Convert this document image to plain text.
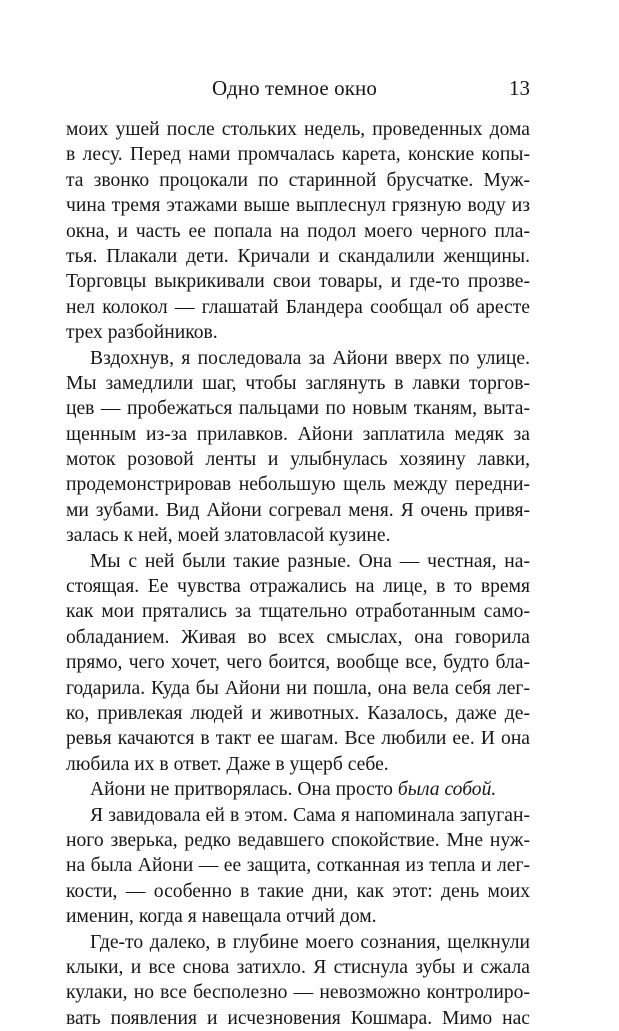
Одно темное окно	13
моих ушей после стольких недель, проведенных дома
в лесу. Перед нами промчалась карета, конские копы-
та звонко процокали по старинной брусчатке. Муж-
чина тремя этажами выше выплеснул грязную воду из
окна, и часть ее попала на подол моего черного пла-
тья. Плакали дети. Кричали и скандалили женщины.
Торговцы выкрикивали свои товары, и где-то прозве-
нел колокол — глашатай Бландера сообщал об аресте
трех разбойников.
Вздохнув, я последовала за Айони вверх по улице.
Мы замедлили шаг, чтобы заглянуть в лавки торгов-
цев — пробежаться пальцами по новым тканям, выта-
щенным из-за прилавков. Айони заплатила медяк за
моток розовой ленты и улыбнулась хозяину лавки,
продемонстрировав небольшую щель между передни-
ми зубами. Вид Айони согревал меня. Я очень привя-
залась к ней, моей златовласой кузине.
Мы с ней были такие разные. Она — честная, на-
стоящая. Ее чувства отражались на лице, в то время
как мои прятались за тщательно отработанным само-
обладанием. Живая во всех смыслах, она говорила
прямо, чего хочет, чего боится, вообще все, будто бла-
годарила. Куда бы Айони ни пошла, она вела себя лег-
ко, привлекая людей и животных. Казалось, даже де-
ревья качаются в такт ее шагам. Все любили ее. И она
любила их в ответ. Даже в ущерб себе.
Айони не притворялась. Она просто была собой.
Я завидовала ей в этом. Сама я напоминала запуган-
ного зверька, редко ведавшего спокойствие. Мне нуж-
на была Айони — ее защита, сотканная из тепла и лег-
кости, — особенно в такие дни, как этот: день моих
именин, когда я навещала отчий дом.
Где-то далеко, в глубине моего сознания, щелкнули
клыки, и все снова затихло. Я стиснула зубы и сжала
кулаки, но все бесполезно — невозможно контролиро-
вать появления и исчезновения Кошмара. Мимо нас
